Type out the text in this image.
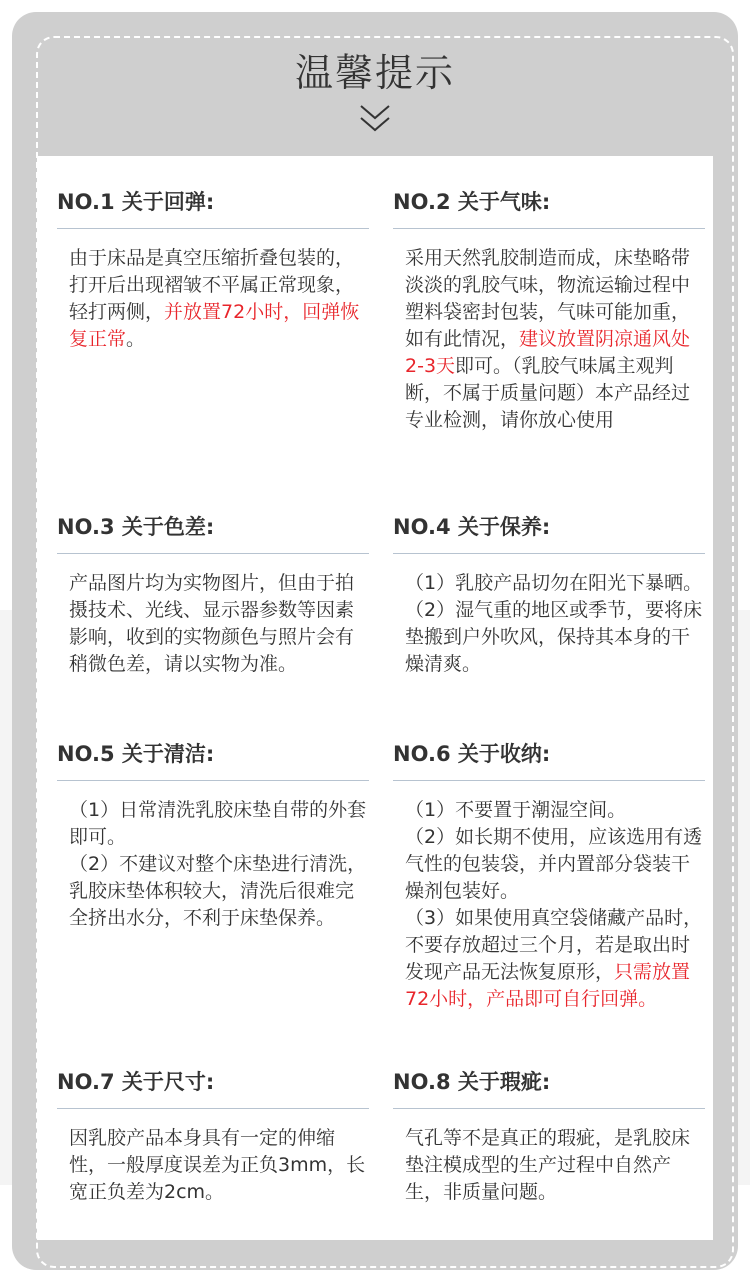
温馨提示
NO.1 关于回弹:
由于床品是真空压缩折叠包装的，打开后出现褶皱不平属正常现象，轻打两侧，并放置72小时，回弹恢复正常。
NO.2 关于气味:
采用天然乳胶制造而成，床垫略带淡淡的乳胶气味，物流运输过程中塑料袋密封包装，气味可能加重，如有此情况，建议放置阴凉通风处2-3天即可。（乳胶气味属主观判断，不属于质量问题）本产品经过专业检测，请你放心使用
NO.3 关于色差:
产品图片均为实物图片，但由于拍摄技术、光线、显示器参数等因素影响，收到的实物颜色与照片会有稍微色差，请以实物为准。
NO.4 关于保养:
（1）乳胶产品切勿在阳光下暴晒。
（2）湿气重的地区或季节，要将床垫搬到户外吹风，保持其本身的干燥清爽。
NO.5 关于清洁:
（1）日常清洗乳胶床垫自带的外套即可。
（2）不建议对整个床垫进行清洗，乳胶床垫体积较大，清洗后很难完全挤出水分，不利于床垫保养。
NO.6 关于收纳:
（1）不要置于潮湿空间。
（2）如长期不使用，应该选用有透气性的包装袋，并内置部分袋装干燥剂包装好。
（3）如果使用真空袋储藏产品时，不要存放超过三个月，若是取出时发现产品无法恢复原形，只需放置72小时，产品即可自行回弹。
NO.7 关于尺寸:
因乳胶产品本身具有一定的伸缩性，一般厚度误差为正负3mm，长宽正负差为2cm。
NO.8 关于瑕疵:
气孔等不是真正的瑕疵，是乳胶床垫注模成型的生产过程中自然产生，非质量问题。
